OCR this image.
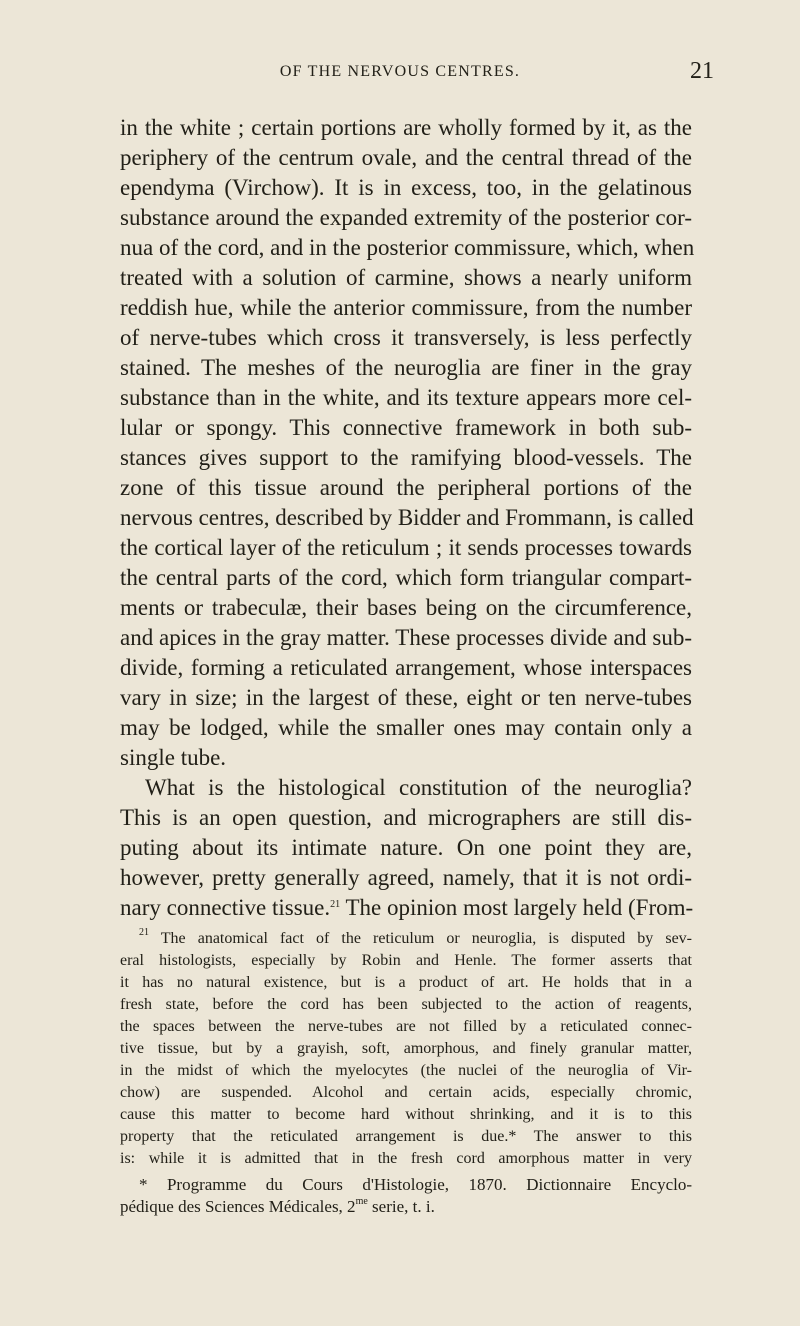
OF THE NERVOUS CENTRES.	21
in the white ; certain portions are wholly formed by it, as the
periphery of the centrum ovale, and the central thread of the
ependyma (Virchow). It is in excess, too, in the gelatinous
substance around the expanded extremity of the posterior cor-
nua of the cord, and in the posterior commissure, which, when
treated with a solution of carmine, shows a nearly uniform
reddish hue, while the anterior commissure, from the number
of nerve-tubes which cross it transversely, is less perfectly
stained. The meshes of the neuroglia are finer in the gray
substance than in the white, and its texture appears more cel-
lular or spongy. This connective framework in both sub-
stances gives support to the ramifying blood-vessels. The
zone of this tissue around the peripheral portions of the
nervous centres, described by Bidder and Frommann, is called
the cortical layer of the reticulum ; it sends processes towards
the central parts of the cord, which form triangular compart-
ments or trabeculæ, their bases being on the circumference,
and apices in the gray matter. These processes divide and sub-
divide, forming a reticulated arrangement, whose interspaces
vary in size; in the largest of these, eight or ten nerve-tubes
may be lodged, while the smaller ones may contain only a
single tube.
What is the histological constitution of the neuroglia?
This is an open question, and micrographers are still dis-
puting about its intimate nature. On one point they are,
however, pretty generally agreed, namely, that it is not ordi-
nary connective tissue.$^{21}$ The opinion most largely held (From-
$^{21}$ The anatomical fact of the reticulum or neuroglia, is disputed by sev-
eral histologists, especially by Robin and Henle. The former asserts that
it has no natural existence, but is a product of art. He holds that in a
fresh state, before the cord has been subjected to the action of reagents,
the spaces between the nerve-tubes are not filled by a reticulated connec-
tive tissue, but by a grayish, soft, amorphous, and finely granular matter,
in the midst of which the myelocytes (the nuclei of the neuroglia of Vir-
chow) are suspended. Alcohol and certain acids, especially chromic,
cause this matter to become hard without shrinking, and it is to this
property that the reticulated arrangement is due.* The answer to this
is: while it is admitted that in the fresh cord amorphous matter in very
* Programme du Cours d'Histologie, 1870. Dictionnaire Encyclo-
pédique des Sciences Médicales, $2^{me}$ serie, t. i.
